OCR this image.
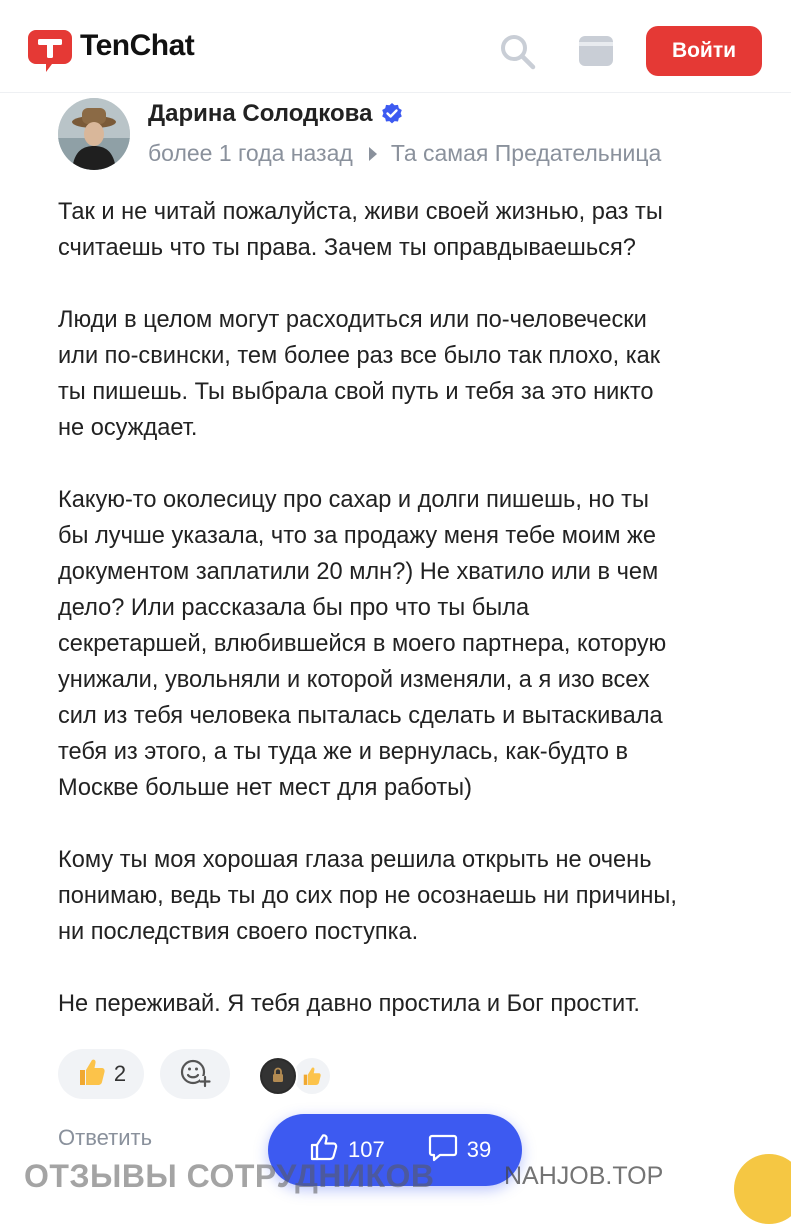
TenChat	Войти
Дарина Солодкова
более 1 года назад Та самая Предательница

Так и не читай пожалуйста, живи своей жизнью, раз ты
считаешь что ты права. Зачем ты оправдываешься?

Люди в целом могут расходиться или по-человечески
или по-свински, тем более раз все было так плохо, как
ты пишешь. Ты выбрала свой путь и тебя за это никто
не осуждает.

Какую-то околесицу про сахар и долги пишешь, но ты
бы лучше указала, что за продажу меня тебе моим же
документом заплатили 20 млн?) Не хватило или в чем
дело? Или рассказала бы про что ты была
секретаршей, влюбившейся в моего партнера, которую
унижали, увольняли и которой изменяли, а я изо всех
сил из тебя человека пыталась сделать и вытаскивала
тебя из этого, а ты туда же и вернулась, как-будто в
Москве больше нет мест для работы)

Кому ты моя хорошая глаза решила открыть не очень
понимаю, ведь ты до сих пор не осознаешь ни причины,
ни последствия своего поступка.

Не переживай. Я тебя давно простила и Бог простит.

2
Ответить	107	39
ОТЗЫВЫ СОТРУДНИКОВ	NAHJOB.TOP
